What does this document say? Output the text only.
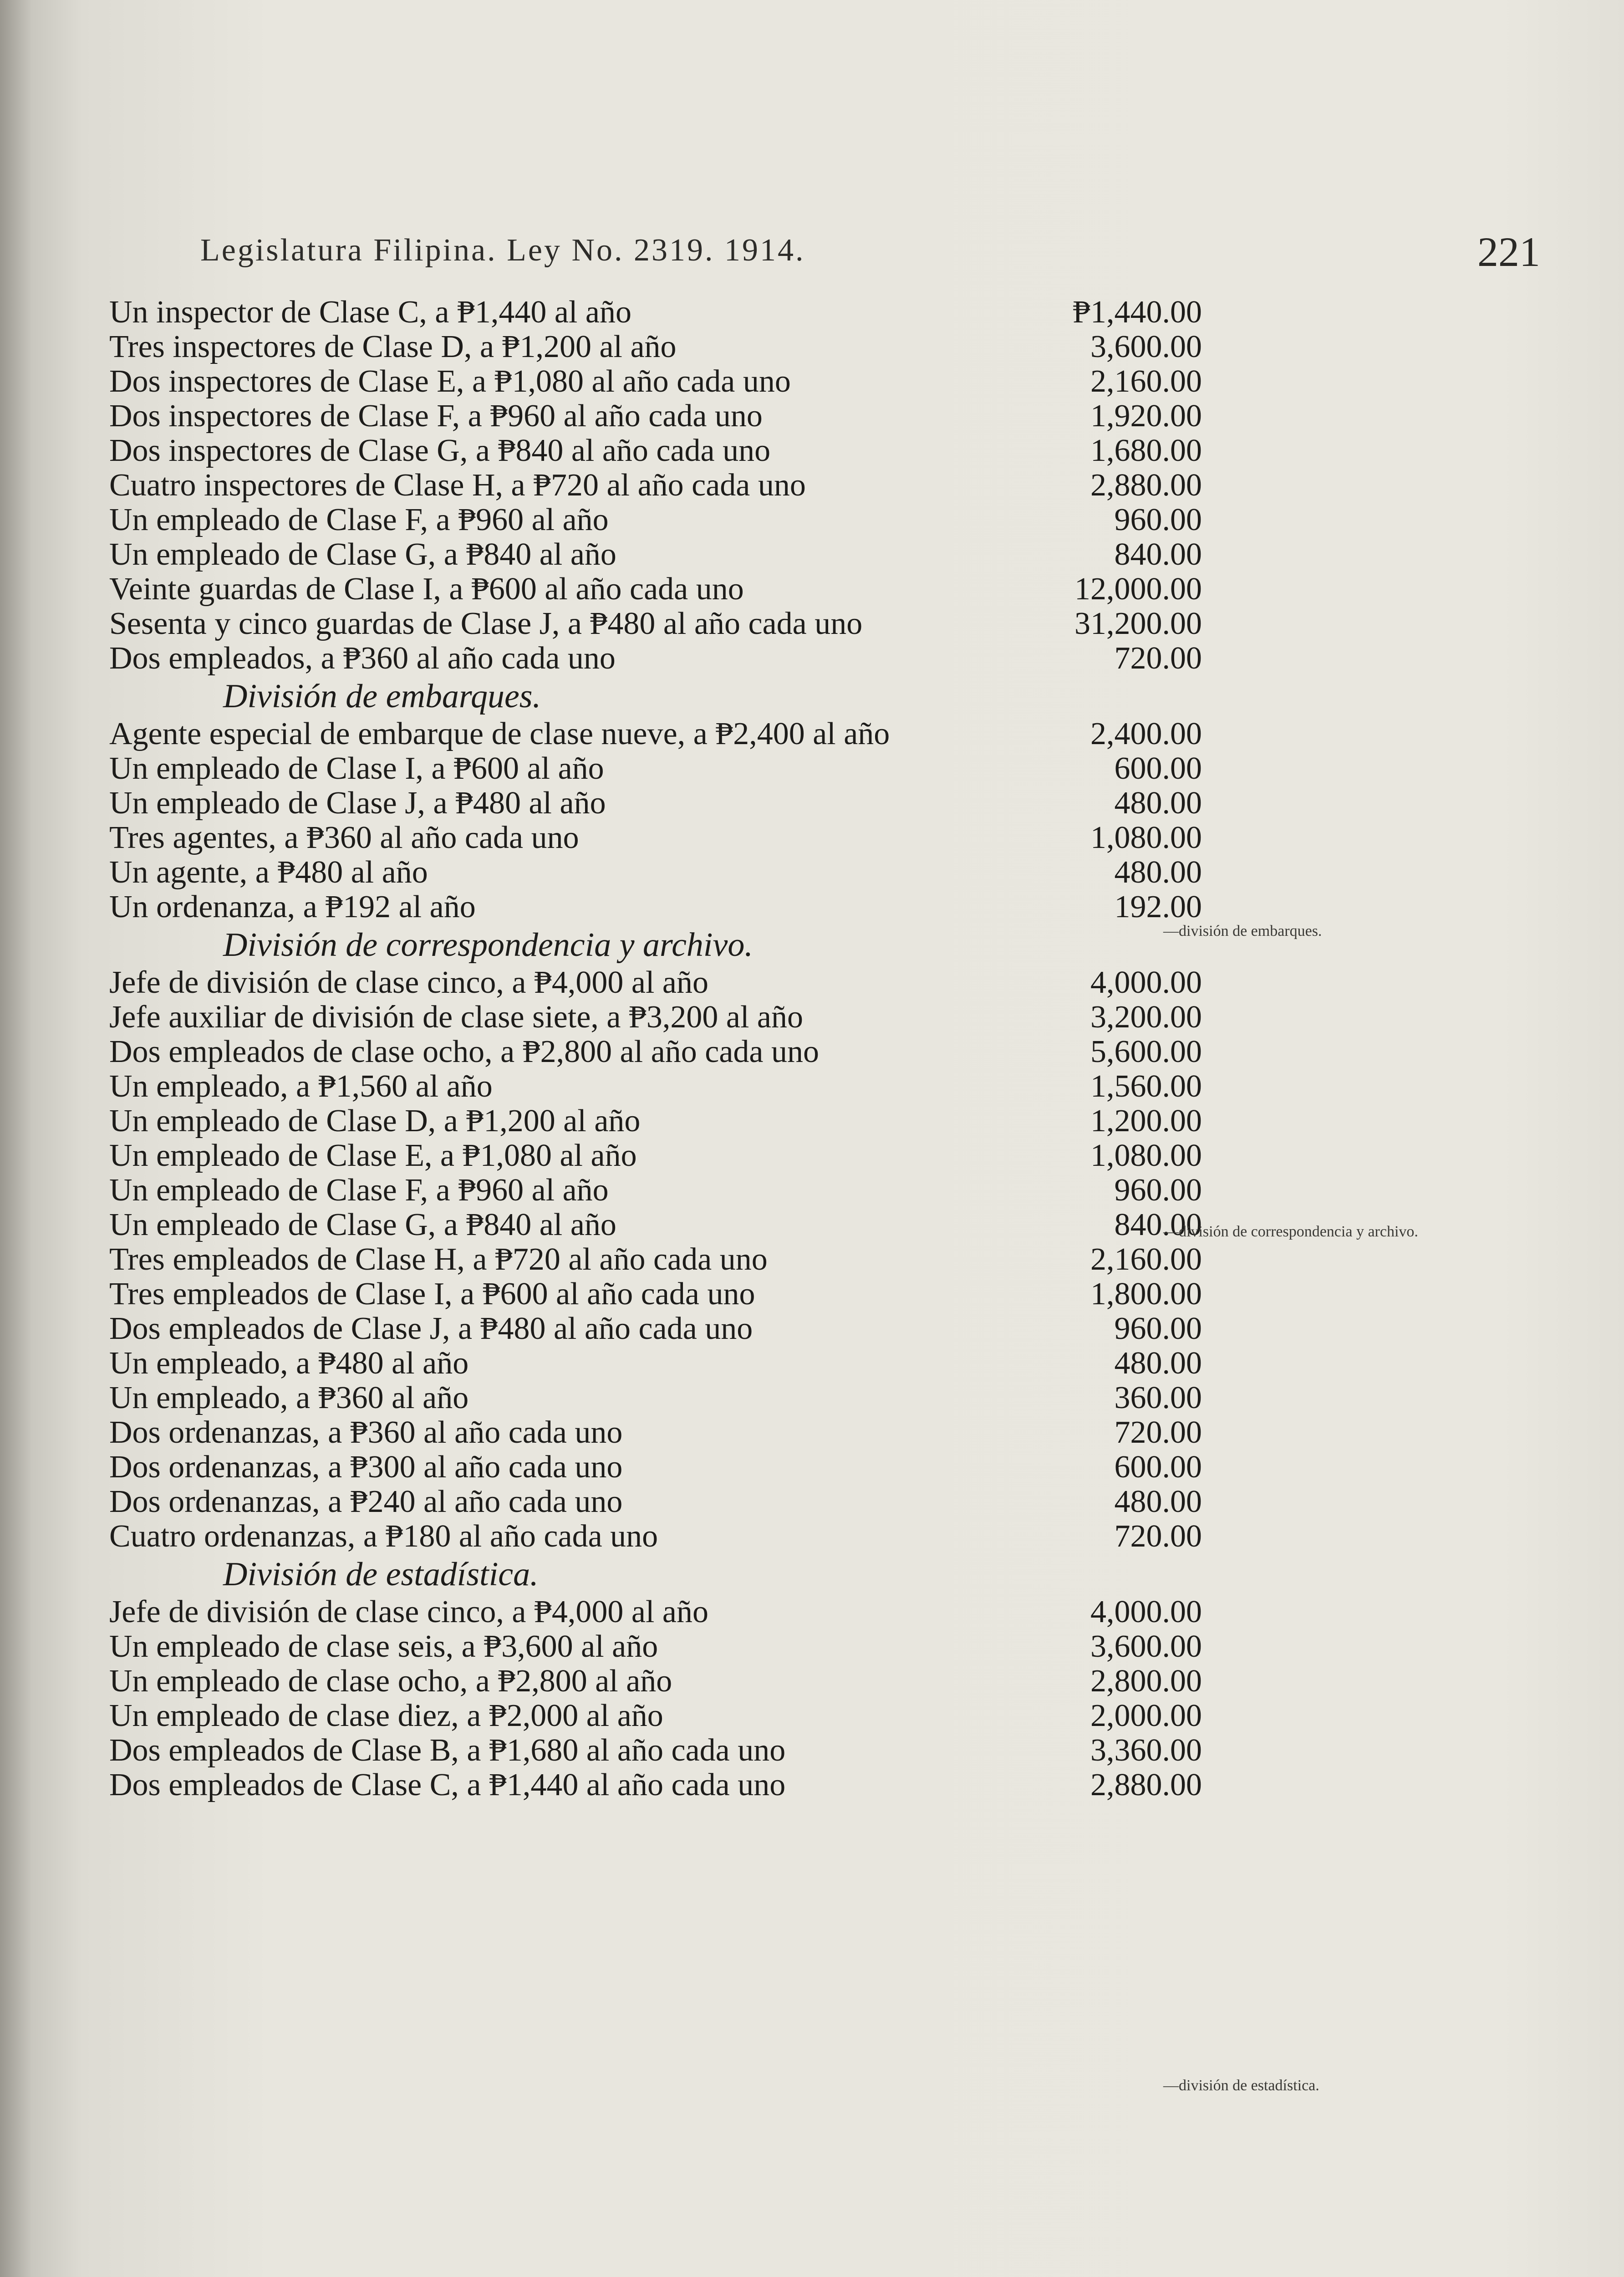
Legislatura Filipina. Ley No. 2319. 1914.	221
Un inspector de Clase C, a ₱1,440 al año	₱1,440.00
Tres inspectores de Clase D, a ₱1,200 al año	3,600.00
Dos inspectores de Clase E, a ₱1,080 al año cada uno	2,160.00
Dos inspectores de Clase F, a ₱960 al año cada uno	1,920.00
Dos inspectores de Clase G, a ₱840 al año cada uno	1,680.00
Cuatro inspectores de Clase H, a ₱720 al año cada uno	2,880.00
Un empleado de Clase F, a ₱960 al año	960.00
Un empleado de Clase G, a ₱840 al año	840.00
Veinte guardas de Clase I, a ₱600 al año cada uno	12,000.00
Sesenta y cinco guardas de Clase J, a ₱480 al año cada uno	31,200.00
Dos empleados, a ₱360 al año cada uno	720.00
División de embarques.
Agente especial de embarque de clase nueve, a ₱2,400 al año	2,400.00
Un empleado de Clase I, a ₱600 al año	600.00
Un empleado de Clase J, a ₱480 al año	480.00
Tres agentes, a ₱360 al año cada uno	1,080.00
Un agente, a ₱480 al año	480.00
Un ordenanza, a ₱192 al año	192.00
División de correspondencia y archivo.
Jefe de división de clase cinco, a ₱4,000 al año	4,000.00
Jefe auxiliar de división de clase siete, a ₱3,200 al año	3,200.00
Dos empleados de clase ocho, a ₱2,800 al año cada uno	5,600.00
Un empleado, a ₱1,560 al año	1,560.00
Un empleado de Clase D, a ₱1,200 al año	1,200.00
Un empleado de Clase E, a ₱1,080 al año	1,080.00
Un empleado de Clase F, a ₱960 al año	960.00
Un empleado de Clase G, a ₱840 al año	840.00
Tres empleados de Clase H, a ₱720 al año cada uno	2,160.00
Tres empleados de Clase I, a ₱600 al año cada uno	1,800.00
Dos empleados de Clase J, a ₱480 al año cada uno	960.00
Un empleado, a ₱480 al año	480.00
Un empleado, a ₱360 al año	360.00
Dos ordenanzas, a ₱360 al año cada uno	720.00
Dos ordenanzas, a ₱300 al año cada uno	600.00
Dos ordenanzas, a ₱240 al año cada uno	480.00
Cuatro ordenanzas, a ₱180 al año cada uno	720.00
División de estadística.
Jefe de división de clase cinco, a ₱4,000 al año	4,000.00
Un empleado de clase seis, a ₱3,600 al año	3,600.00
Un empleado de clase ocho, a ₱2,800 al año	2,800.00
Un empleado de clase diez, a ₱2,000 al año	2,000.00
Dos empleados de Clase B, a ₱1,680 al año cada uno	3,360.00
Dos empleados de Clase C, a ₱1,440 al año cada uno	2,880.00
—división de embarques.
—división de correspondencia y archivo.
—división de estadística.
